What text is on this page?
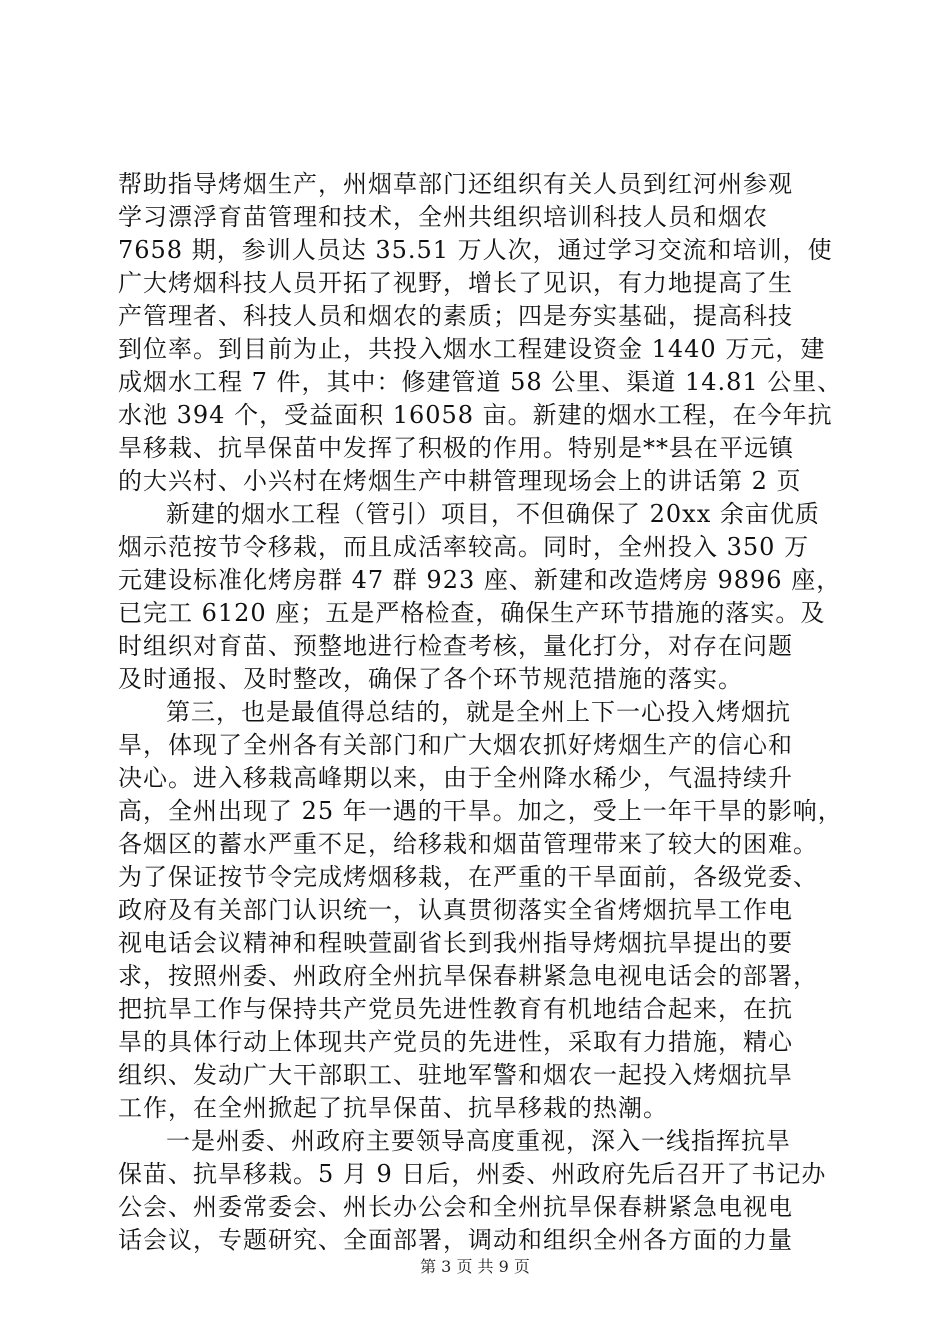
帮助指导烤烟生产，州烟草部门还组织有关人员到红河州参观
学习漂浮育苗管理和技术，全州共组织培训科技人员和烟农
7658 期，参训人员达 35.51 万人次，通过学习交流和培训，使
广大烤烟科技人员开拓了视野，增长了见识，有力地提高了生
产管理者、科技人员和烟农的素质；四是夯实基础，提高科技
到位率。到目前为止，共投入烟水工程建设资金 1440 万元，建
成烟水工程 7 件，其中：修建管道 58 公里、渠道 14.81 公里、
水池 394 个，受益面积 16058 亩。新建的烟水工程，在今年抗
旱移栽、抗旱保苗中发挥了积极的作用。特别是**县在平远镇
的大兴村、小兴村在烤烟生产中耕管理现场会上的讲话第 2 页
新建的烟水工程（管引）项目，不但确保了 20xx 余亩优质
烟示范按节令移栽，而且成活率较高。同时，全州投入 350 万
元建设标准化烤房群 47 群 923 座、新建和改造烤房 9896 座，
已完工 6120 座；五是严格检查，确保生产环节措施的落实。及
时组织对育苗、预整地进行检查考核，量化打分，对存在问题
及时通报、及时整改，确保了各个环节规范措施的落实。
第三，也是最值得总结的，就是全州上下一心投入烤烟抗
旱，体现了全州各有关部门和广大烟农抓好烤烟生产的信心和
决心。进入移栽高峰期以来，由于全州降水稀少，气温持续升
高，全州出现了 25 年一遇的干旱。加之，受上一年干旱的影响，
各烟区的蓄水严重不足，给移栽和烟苗管理带来了较大的困难。
为了保证按节令完成烤烟移栽，在严重的干旱面前，各级党委、
政府及有关部门认识统一，认真贯彻落实全省烤烟抗旱工作电
视电话会议精神和程映萱副省长到我州指导烤烟抗旱提出的要
求，按照州委、州政府全州抗旱保春耕紧急电视电话会的部署，
把抗旱工作与保持共产党员先进性教育有机地结合起来，在抗
旱的具体行动上体现共产党员的先进性，采取有力措施，精心
组织、发动广大干部职工、驻地军警和烟农一起投入烤烟抗旱
工作，在全州掀起了抗旱保苗、抗旱移栽的热潮。
一是州委、州政府主要领导高度重视，深入一线指挥抗旱
保苗、抗旱移栽。5 月 9 日后，州委、州政府先后召开了书记办
公会、州委常委会、州长办公会和全州抗旱保春耕紧急电视电
话会议，专题研究、全面部署，调动和组织全州各方面的力量
第 3 页 共 9 页
